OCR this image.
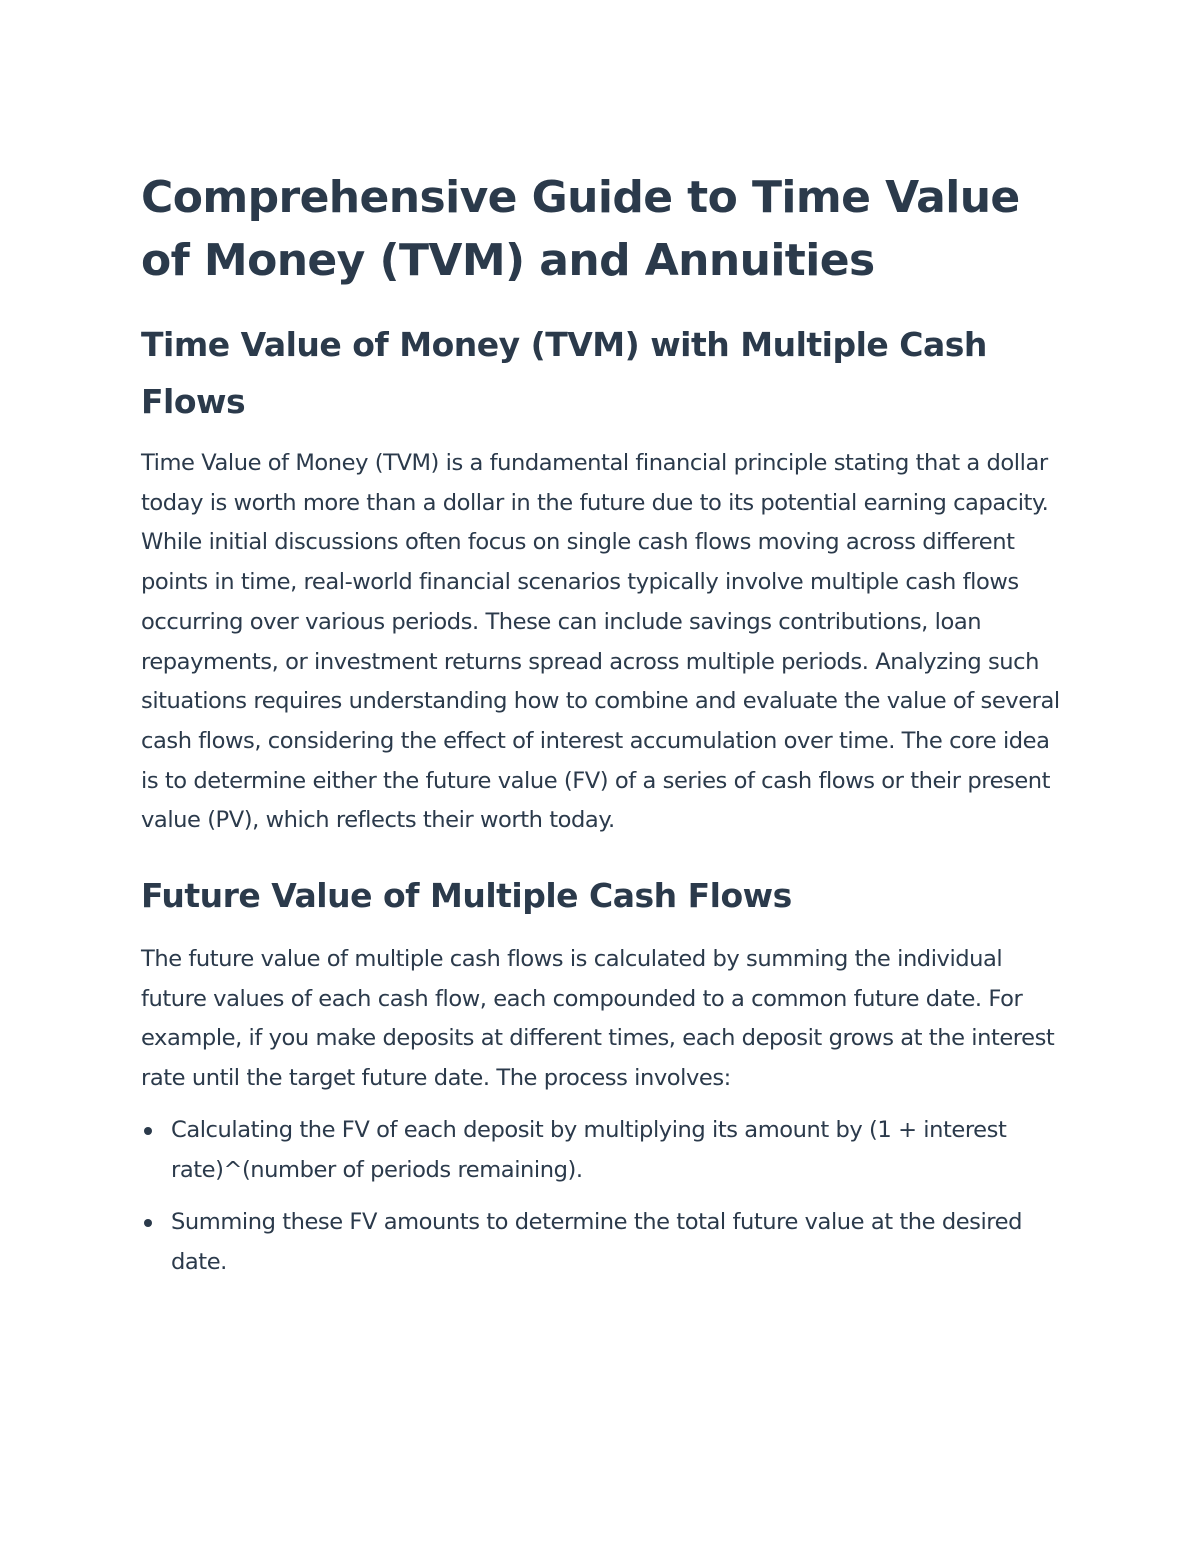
Comprehensive Guide to Time Value of Money (TVM) and Annuities
Time Value of Money (TVM) with Multiple Cash Flows

Time Value of Money (TVM) is a fundamental financial principle stating that a dollar today is worth more than a dollar in the future due to its potential earning capacity. While initial discussions often focus on single cash flows moving across different points in time, real-world financial scenarios typically involve multiple cash flows occurring over various periods. These can include savings contributions, loan repayments, or investment returns spread across multiple periods. Analyzing such situations requires understanding how to combine and evaluate the value of several cash flows, considering the effect of interest accumulation over time. The core idea is to determine either the future value (FV) of a series of cash flows or their present value (PV), which reflects their worth today.

Future Value of Multiple Cash Flows

The future value of multiple cash flows is calculated by summing the individual future values of each cash flow, each compounded to a common future date. For example, if you make deposits at different times, each deposit grows at the interest rate until the target future date. The process involves:

Calculating the FV of each deposit by multiplying its amount by (1 + interest rate)^(number of periods remaining).
Summing these FV amounts to determine the total future value at the desired date.
